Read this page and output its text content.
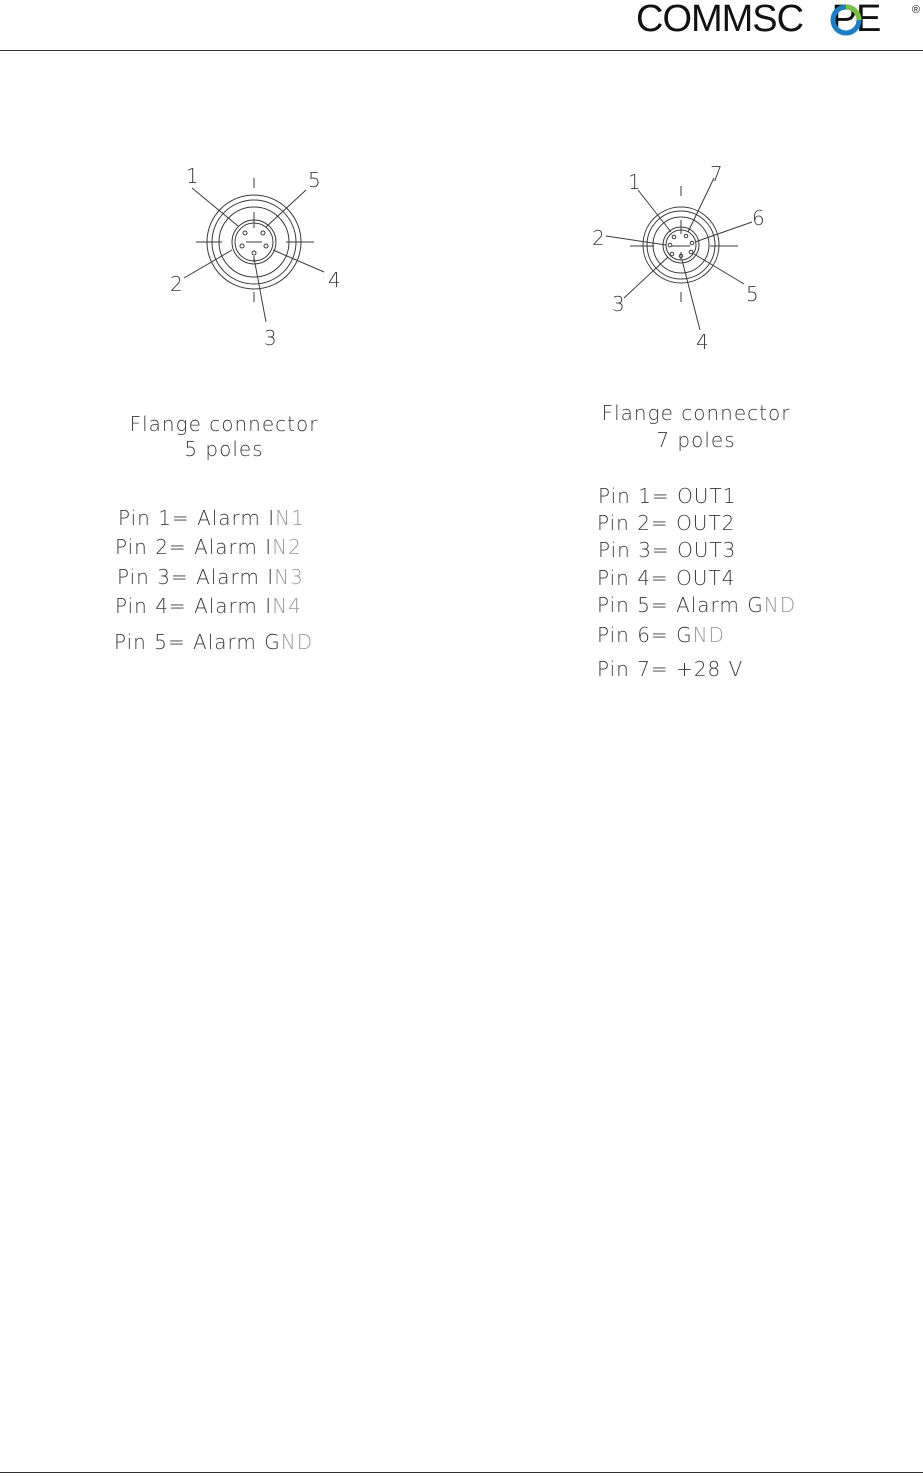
COMMSC PE	®
1	5
2	4
3
1	7
6
2
5
3
4
Flange connector
5 poles
Flange connector
7 poles
Pin 1= Alarm IN1
Pin 2= Alarm IN2
Pin 3= Alarm IN3
Pin 4= Alarm IN4
Pin 5= Alarm GND
Pin 1= OUT1
Pin 2= OUT2
Pin 3= OUT3
Pin 4= OUT4
Pin 5= Alarm GND
Pin 6= GND
Pin 7= +28 V
